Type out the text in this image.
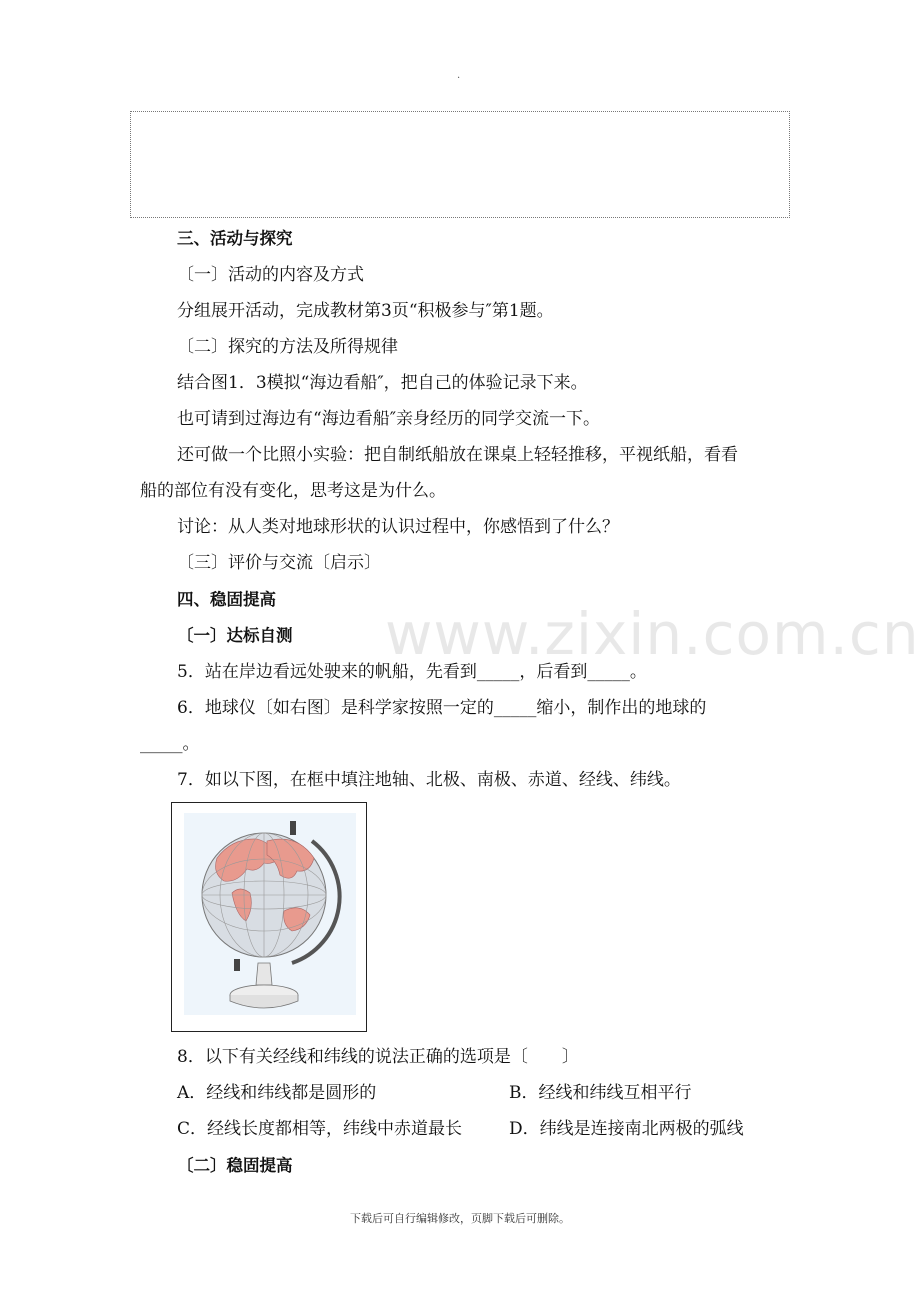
.
www.zixin.com.cn
三、活动与探究
〔一〕活动的内容及方式
分组展开活动，完成教材第3页“积极参与″第1题。
〔二〕探究的方法及所得规律
结合图1．3模拟“海边看船″，把自己的体验记录下来。
也可请到过海边有“海边看船″亲身经历的同学交流一下。
还可做一个比照小实验：把自制纸船放在课桌上轻轻推移，平视纸船，看看
船的部位有没有变化，思考这是为什么。
讨论：从人类对地球形状的认识过程中，你感悟到了什么？
〔三〕评价与交流〔启示〕
四、稳固提高
〔一〕达标自测
5．站在岸边看远处驶来的帆船，先看到_____，后看到_____。
6．地球仪〔如右图〕是科学家按照一定的_____缩小，制作出的地球的
_____。
7．如以下图，在框中填注地轴、北极、南极、赤道、经线、纬线。
8．以下有关经线和纬线的说法正确的选项是〔　　〕
A．经线和纬线都是圆形的	B．经线和纬线互相平行
C．经线长度都相等，纬线中赤道最长	D．纬线是连接南北两极的弧线
〔二〕稳固提高
下载后可自行编辑修改，页脚下载后可删除。
